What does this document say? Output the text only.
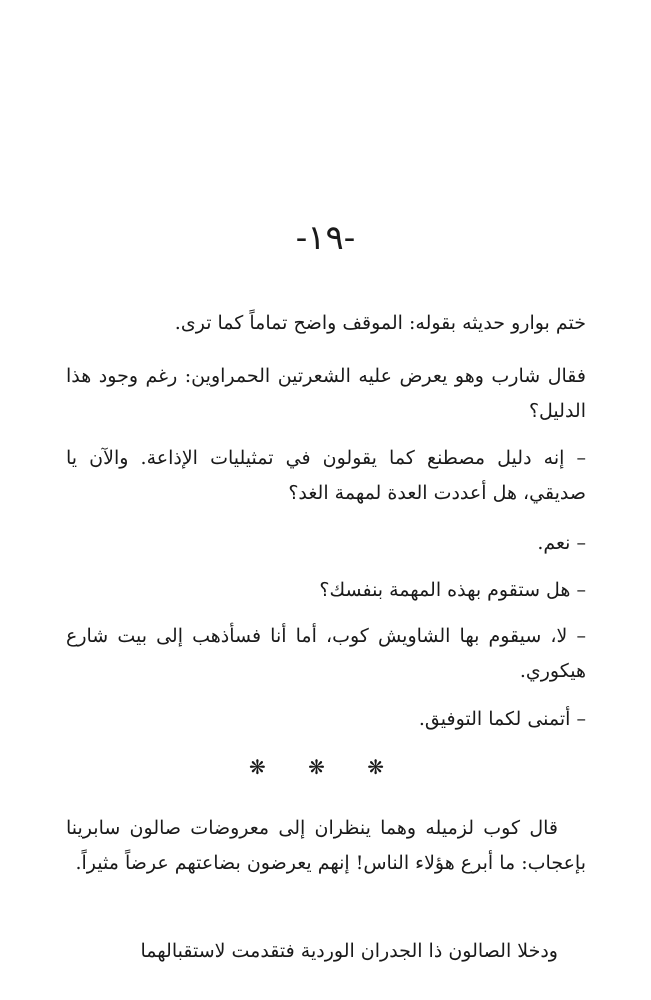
-١٩-

ختم بوارو حديثه بقوله: الموقف واضح تماماً كما ترى.

فقال شارب وهو يعرض عليه الشعرتين الحمراوين: رغم وجود هذا الدليل؟

– إنه دليل مصطنع كما يقولون في تمثيليات الإذاعة. والآن يا صديقي، هل أعددت العدة لمهمة الغد؟

– نعم.

– هل ستقوم بهذه المهمة بنفسك؟

– لا، سيقوم بها الشاويش كوب، أما أنا فسأذهب إلى بيت شارع هيكوري.

– أتمنى لكما التوفيق.

❋ ❋ ❋

قال كوب لزميله وهما ينظران إلى معروضات صالون سابرينا بإعجاب: ما أبرع هؤلاء الناس! إنهم يعرضون بضاعتهم عرضاً مثيراً.

ودخلا الصالون ذا الجدران الوردية فتقدمت لاستقبالهما
